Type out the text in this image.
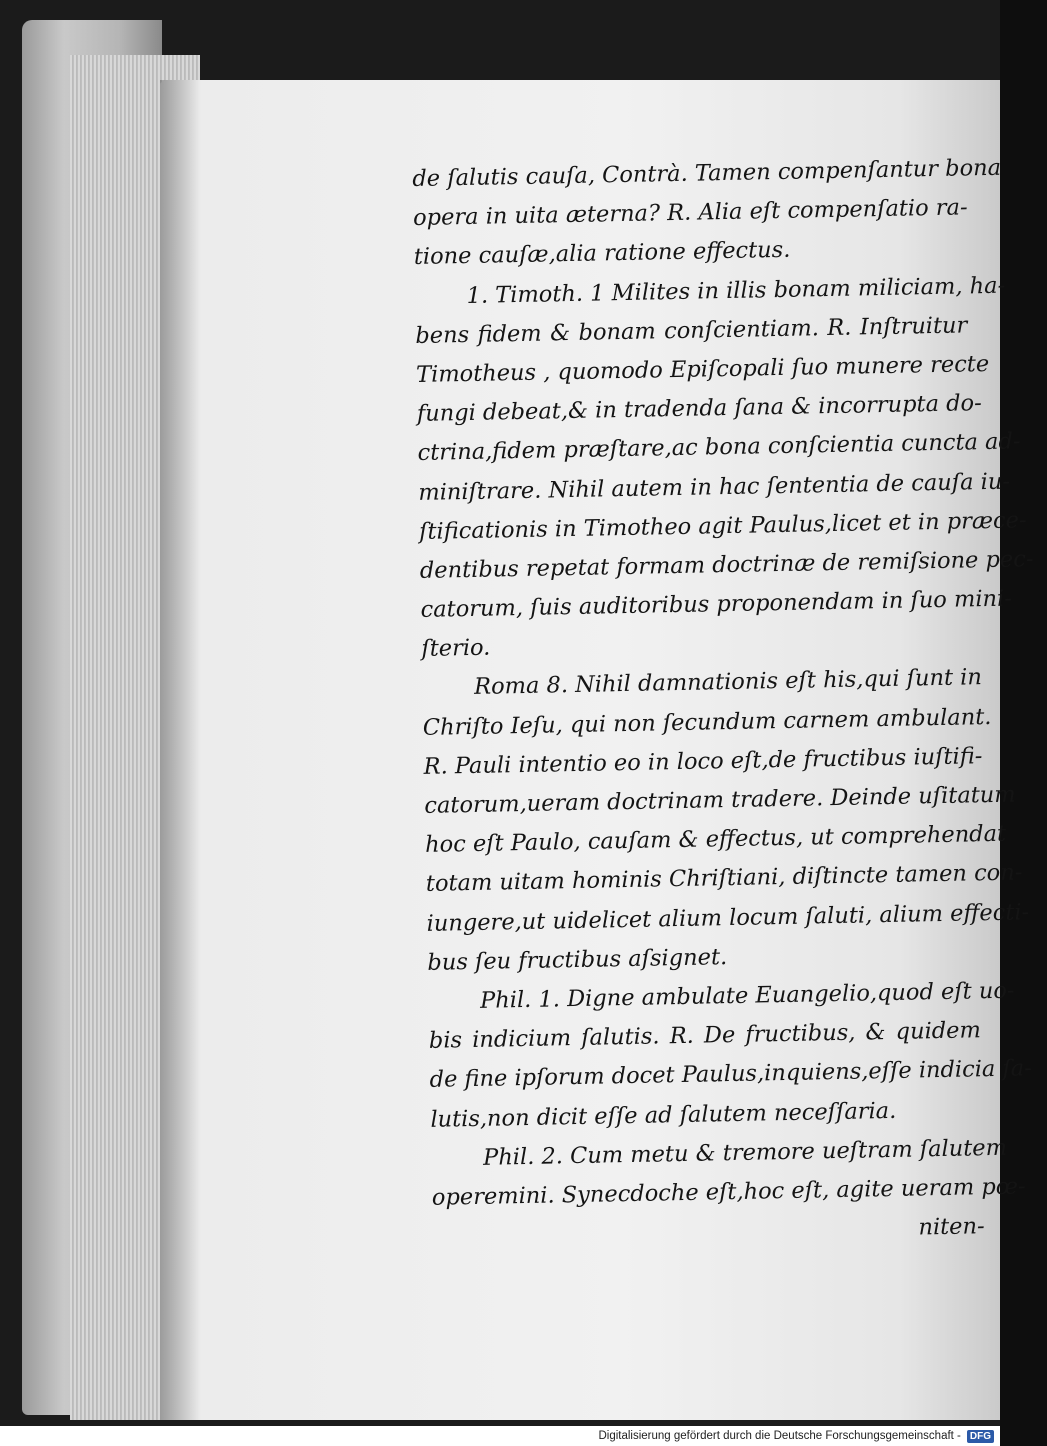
de ſalutis cauſa, Contrà. Tamen compenſantur bona
opera in uita æterna? R. Alia eſt compenſatio ra-
tione cauſæ,alia ratione effectus.
1. Timoth. 1 Milites in illis bonam miliciam, ha-
bens fidem & bonam conſcientiam. R. Inſtruitur
Timotheus , quomodo Epiſcopali ſuo munere recte
fungi debeat,& in tradenda ſana & incorrupta do-
ctrina,fidem præſtare,ac bona conſcientia cuncta ad-
miniſtrare. Nihil autem in hac ſententia de cauſa iu-
ſtificationis in Timotheo agit Paulus,licet et in præce-
dentibus repetat formam doctrinæ de remiſsione pec-
catorum, ſuis auditoribus proponendam in ſuo mini-
ſterio.
Roma 8. Nihil damnationis eſt his,qui ſunt in
Chriſto Ieſu, qui non ſecundum carnem ambulant.
R. Pauli intentio eo in loco eſt,de fructibus iuſtifi-
catorum,ueram doctrinam tradere. Deinde uſitatum
hoc eſt Paulo, cauſam & effectus, ut comprehendat
totam uitam hominis Chriſtiani, diſtincte tamen con-
iungere,ut uidelicet alium locum ſaluti, alium effecti-
bus ſeu fructibus aſsignet.
Phil. 1. Digne ambulate Euangelio,quod eſt uo-
bis indicium ſalutis. R. De fructibus, & quidem
de fine ipſorum docet Paulus,inquiens,eſſe indicia ſa-
lutis,non dicit eſſe ad ſalutem neceſſaria.
Phil. 2. Cum metu & tremore ueſtram ſalutem
operemini. Synecdoche eſt,hoc eſt, agite ueram pœ-
niten-
Digitalisierung gefördert durch die Deutsche Forschungsgemeinschaft - DFG
